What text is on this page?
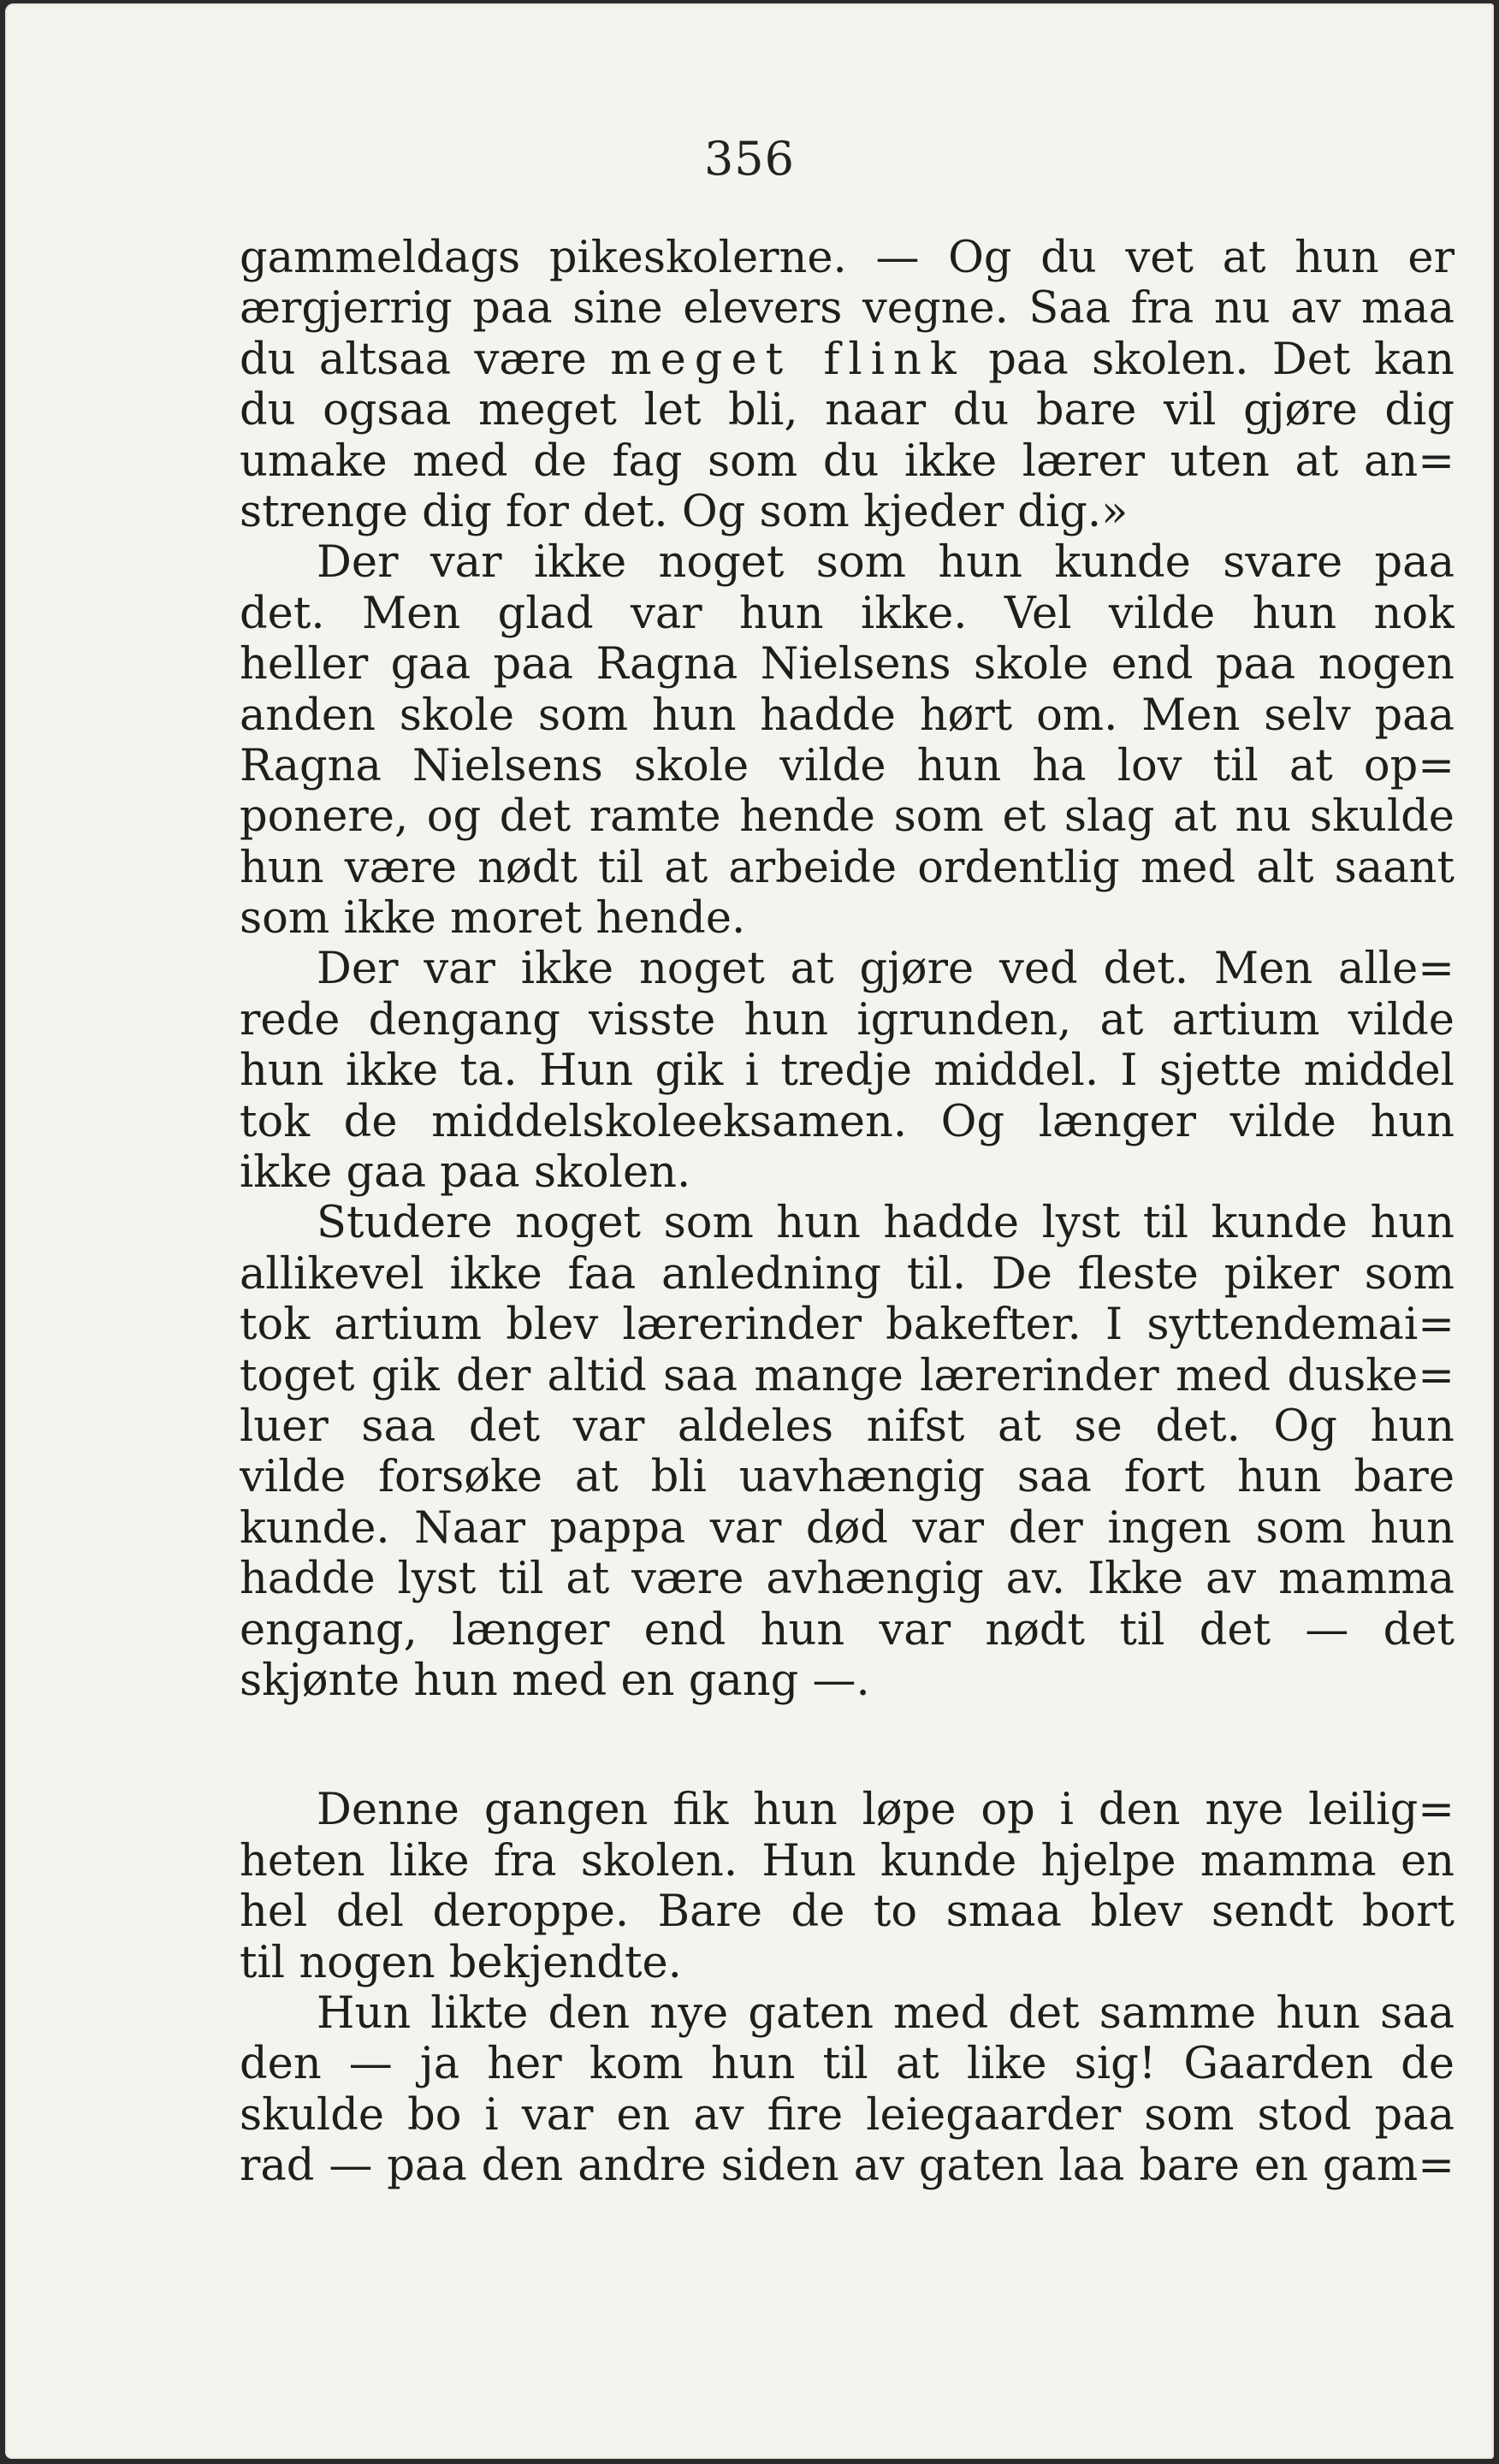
356
gammeldags pikeskolerne. — Og du vet at hun er
ærgjerrig paa sine elevers vegne. Saa fra nu av maa
du altsaa være meget flink paa skolen. Det kan
du ogsaa meget let bli, naar du bare vil gjøre dig
umake med de fag som du ikke lærer uten at an=
strenge dig for det. Og som kjeder dig.»
Der var ikke noget som hun kunde svare paa
det. Men glad var hun ikke. Vel vilde hun nok
heller gaa paa Ragna Nielsens skole end paa nogen
anden skole som hun hadde hørt om. Men selv paa
Ragna Nielsens skole vilde hun ha lov til at op=
ponere, og det ramte hende som et slag at nu skulde
hun være nødt til at arbeide ordentlig med alt saant
som ikke moret hende.
Der var ikke noget at gjøre ved det. Men alle=
rede dengang visste hun igrunden, at artium vilde
hun ikke ta. Hun gik i tredje middel. I sjette middel
tok de middelskoleeksamen. Og længer vilde hun
ikke gaa paa skolen.
Studere noget som hun hadde lyst til kunde hun
allikevel ikke faa anledning til. De fleste piker som
tok artium blev lærerinder bakefter. I syttendemai=
toget gik der altid saa mange lærerinder med duske=
luer saa det var aldeles nifst at se det. Og hun
vilde forsøke at bli uavhængig saa fort hun bare
kunde. Naar pappa var død var der ingen som hun
hadde lyst til at være avhængig av. Ikke av mamma
engang, længer end hun var nødt til det — det
skjønte hun med en gang —.
Denne gangen fik hun løpe op i den nye leilig=
heten like fra skolen. Hun kunde hjelpe mamma en
hel del deroppe. Bare de to smaa blev sendt bort
til nogen bekjendte.
Hun likte den nye gaten med det samme hun saa
den — ja her kom hun til at like sig! Gaarden de
skulde bo i var en av fire leiegaarder som stod paa
rad — paa den andre siden av gaten laa bare en gam=
